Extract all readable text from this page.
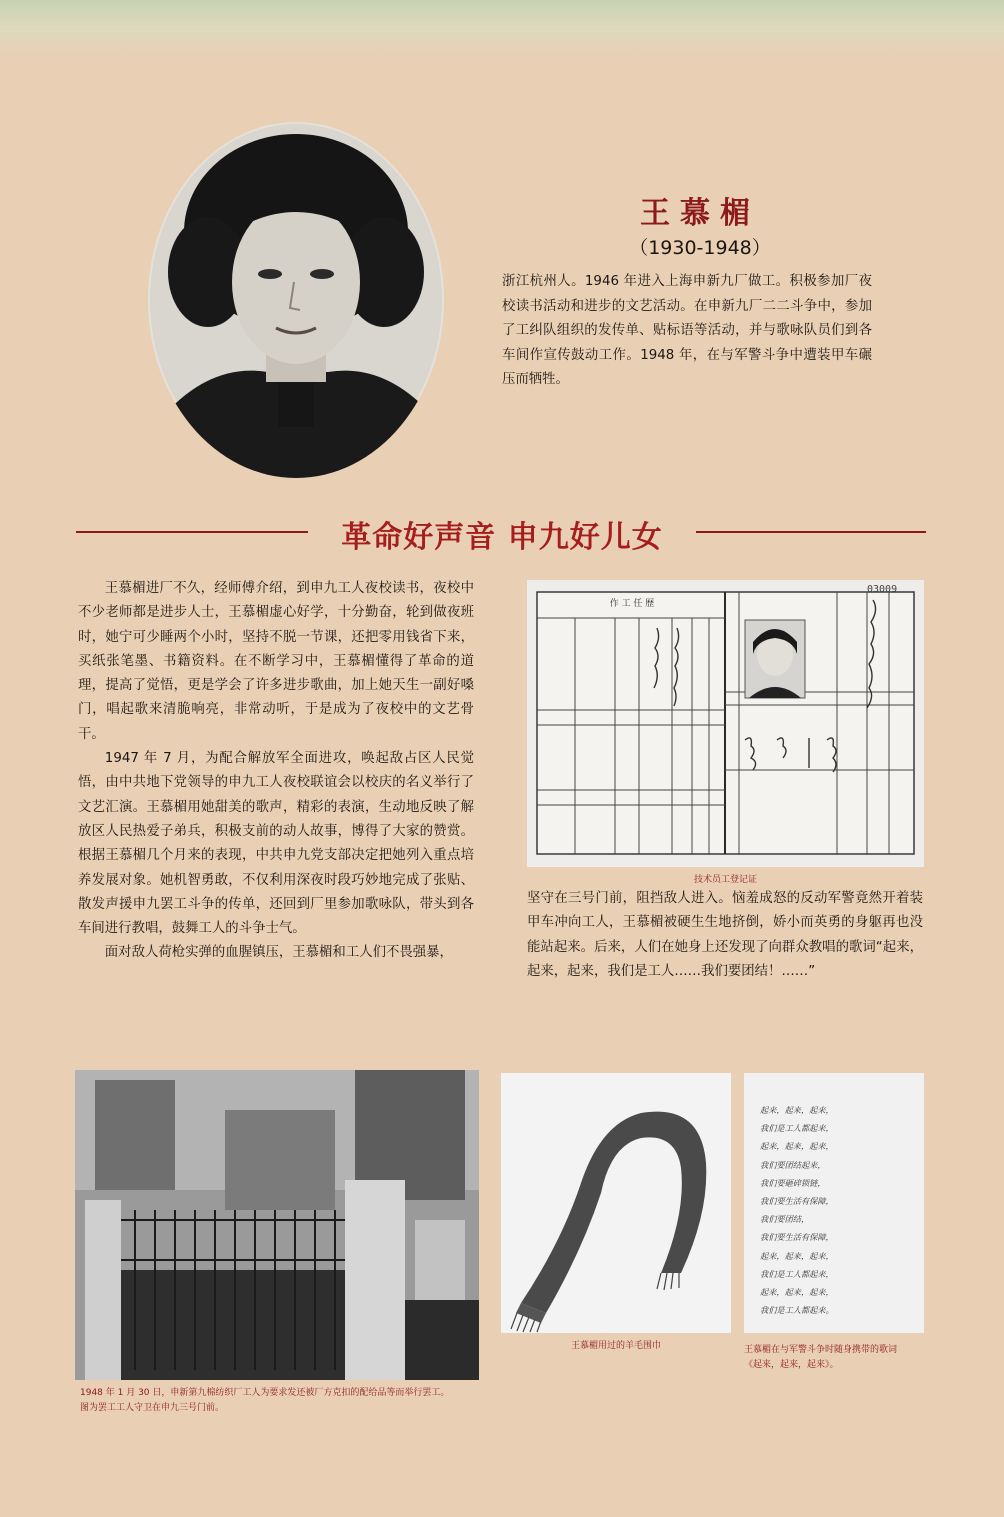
王慕楣
（1930-1948）
浙江杭州人。1946 年进入上海申新九厂做工。积极参加厂夜校读书活动和进步的文艺活动。在申新九厂二二斗争中，参加了工纠队组织的发传单、贴标语等活动，并与歌咏队员们到各车间作宣传鼓动工作。1948 年，在与军警斗争中遭装甲车碾压而牺牲。
革命好声音 申九好儿女

王慕楣进厂不久，经师傅介绍，到申九工人夜校读书，夜校中不少老师都是进步人士，王慕楣虚心好学，十分勤奋，轮到做夜班时，她宁可少睡两个小时，坚持不脱一节课，还把零用钱省下来，买纸张笔墨、书籍资料。在不断学习中，王慕楣懂得了革命的道理，提高了觉悟，更是学会了许多进步歌曲，加上她天生一副好嗓门，唱起歌来清脆响亮，非常动听，于是成为了夜校中的文艺骨干。

1947 年 7 月，为配合解放军全面进攻，唤起敌占区人民觉悟，由中共地下党领导的申九工人夜校联谊会以校庆的名义举行了文艺汇演。王慕楣用她甜美的歌声，精彩的表演，生动地反映了解放区人民热爱子弟兵，积极支前的动人故事，博得了大家的赞赏。根据王慕楣几个月来的表现，中共申九党支部决定把她列入重点培养发展对象。她机智勇敢，不仅利用深夜时段巧妙地完成了张贴、散发声援申九罢工斗争的传单，还回到厂里参加歌咏队，带头到各车间进行教唱，鼓舞工人的斗争士气。

面对敌人荷枪实弹的血腥镇压，王慕楣和工人们不畏强暴，

作 工 任 歷
03009
技术员工登记证

坚守在三号门前，阻挡敌人进入。恼羞成怒的反动军警竟然开着装甲车冲向工人，王慕楣被硬生生地挤倒，娇小而英勇的身躯再也没能站起来。后来，人们在她身上还发现了向群众教唱的歌词“起来，起来，起来，我们是工人……我们要团结！……”

1948 年 1 月 30 日，申新第九棉纺织厂工人为要求发还被厂方克扣的配给品等而举行罢工。
图为罢工工人守卫在申九三号门前。
王慕楣用过的羊毛围巾
起来，起来，起来，
我们是工人都起来，
起来，起来，起来，
我们要团结起来，
我们要砸碎锁链，
我们要生活有保障，
我们要团结，
我们要生活有保障，
起来，起来，起来，
我们是工人都起来，
起来，起来，起来，
我们是工人都起来。
王慕楣在与军警斗争时随身携带的歌词
《起来，起来，起来》。
